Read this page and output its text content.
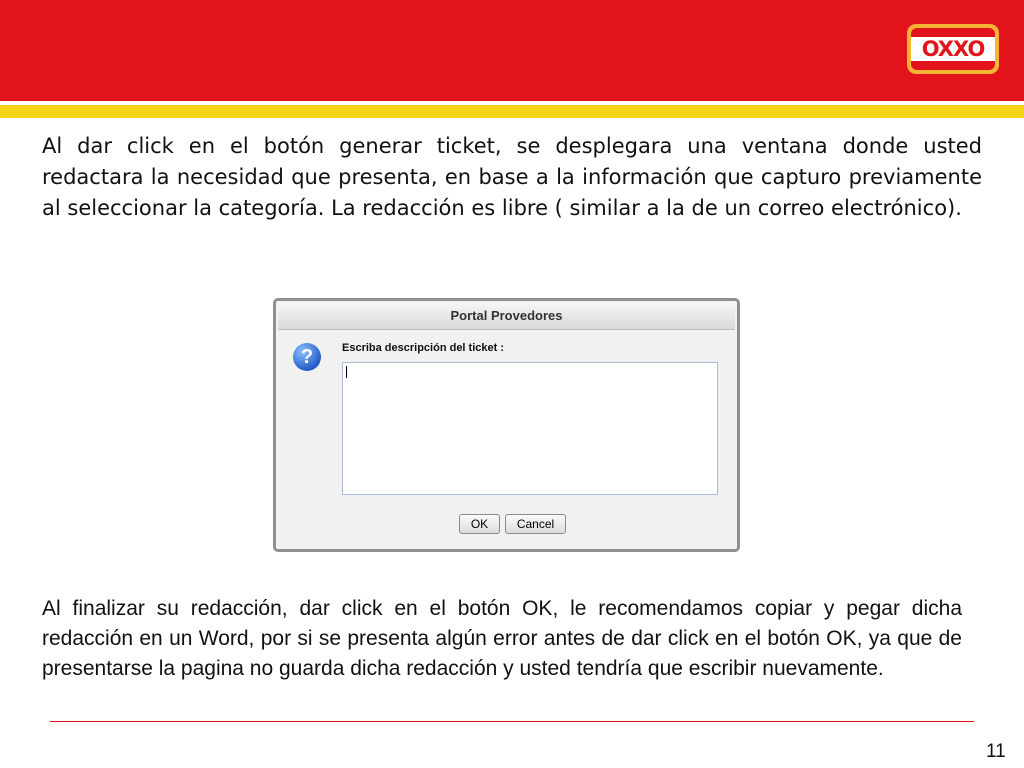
OXXO

Al dar click en el botón generar ticket, se desplegara una ventana donde usted redactara la necesidad que presenta, en base a la información que capturo previamente al seleccionar la categoría. La redacción es libre ( similar a la de un correo electrónico).

Portal Provedores
?	Escriba descripción del ticket :
OK	Cancel

Al finalizar su redacción, dar click en el botón OK, le recomendamos copiar y pegar dicha redacción en un Word, por si se presenta algún error antes de dar click en el botón OK, ya que de presentarse la pagina no guarda dicha redacción y usted tendría que escribir nuevamente.

11
